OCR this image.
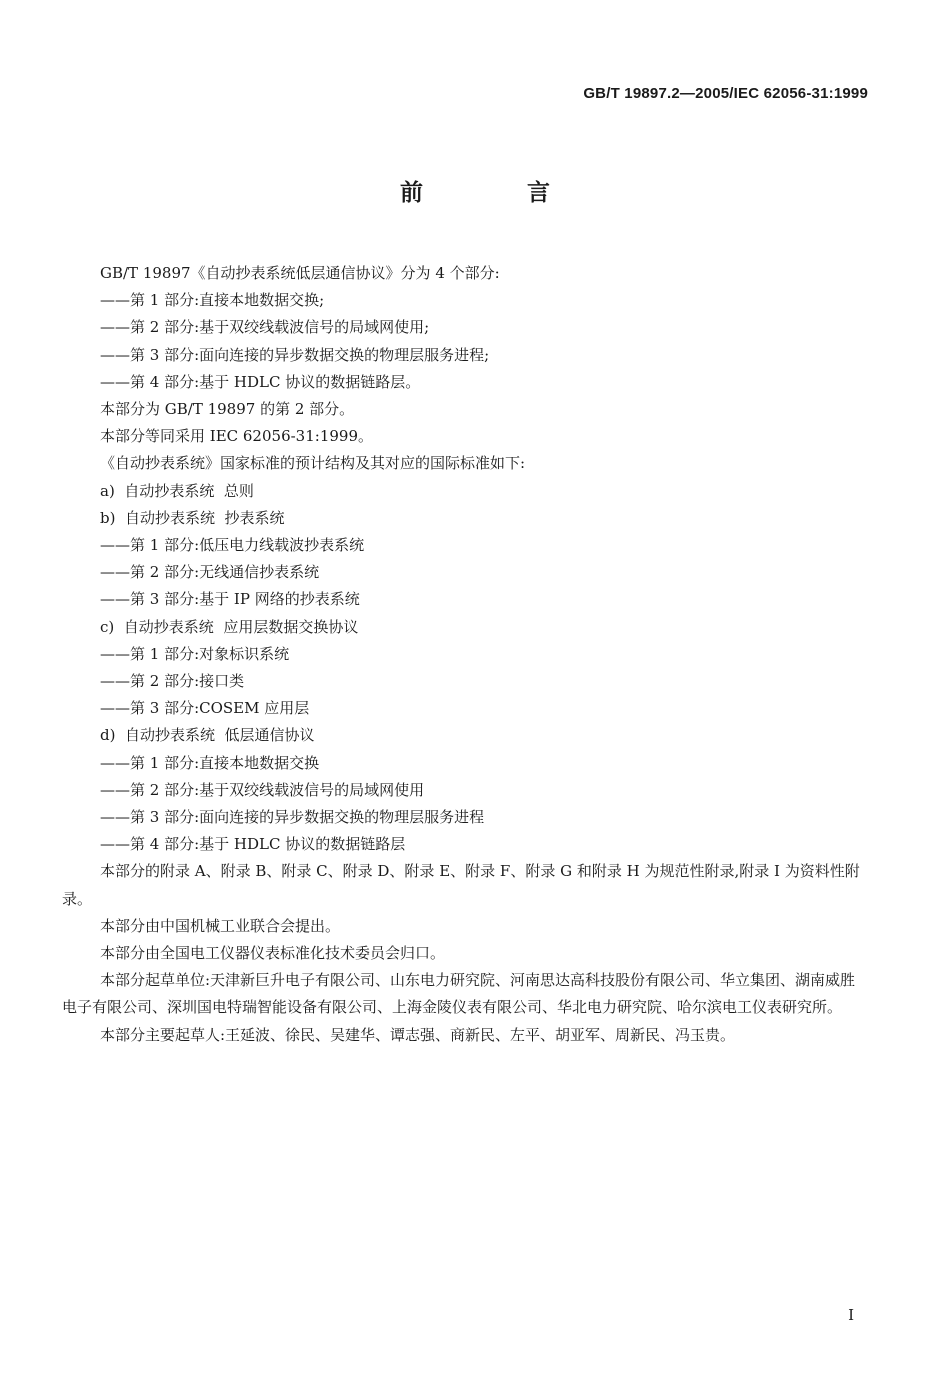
GB/T 19897.2—2005/IEC 62056-31:1999
前 言

GB/T 19897《自动抄表系统低层通信协议》分为 4 个部分:

——第 1 部分:直接本地数据交换;

——第 2 部分:基于双绞线载波信号的局域网使用;

——第 3 部分:面向连接的异步数据交换的物理层服务进程;

——第 4 部分:基于 HDLC 协议的数据链路层。

本部分为 GB/T 19897 的第 2 部分。

本部分等同采用 IEC 62056-31:1999。

《自动抄表系统》国家标准的预计结构及其对应的国际标准如下:

a)  自动抄表系统  总则

b)  自动抄表系统  抄表系统

——第 1 部分:低压电力线载波抄表系统

——第 2 部分:无线通信抄表系统

——第 3 部分:基于 IP 网络的抄表系统

c)  自动抄表系统  应用层数据交换协议

——第 1 部分:对象标识系统

——第 2 部分:接口类

——第 3 部分:COSEM 应用层

d)  自动抄表系统  低层通信协议

——第 1 部分:直接本地数据交换

——第 2 部分:基于双绞线载波信号的局域网使用

——第 3 部分:面向连接的异步数据交换的物理层服务进程

——第 4 部分:基于 HDLC 协议的数据链路层

本部分的附录 A、附录 B、附录 C、附录 D、附录 E、附录 F、附录 G 和附录 H 为规范性附录,附录 I 为资料性附录。

本部分由中国机械工业联合会提出。

本部分由全国电工仪器仪表标准化技术委员会归口。

本部分起草单位:天津新巨升电子有限公司、山东电力研究院、河南思达高科技股份有限公司、华立集团、湖南威胜电子有限公司、深圳国电特瑞智能设备有限公司、上海金陵仪表有限公司、华北电力研究院、哈尔滨电工仪表研究所。

本部分主要起草人:王延波、徐民、吴建华、谭志强、商新民、左平、胡亚军、周新民、冯玉贵。

I
